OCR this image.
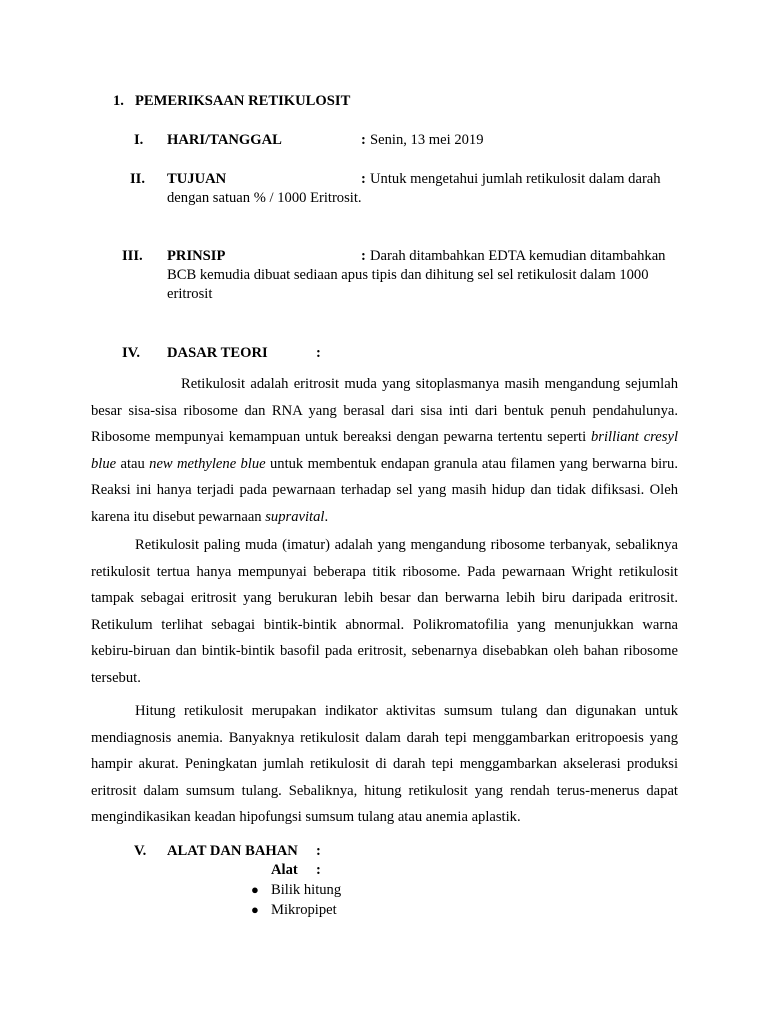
1. PEMERIKSAAN RETIKULOSIT
I. HARI/TANGGAL	: Senin, 13 mei 2019
II. TUJUAN	: Untuk mengetahui jumlah retikulosit dalam darah
dengan satuan % / 1000 Eritrosit.
III. PRINSIP	: Darah ditambahkan EDTA kemudian ditambahkan
BCB kemudia dibuat sediaan apus tipis dan dihitung sel sel retikulosit dalam 1000
eritrosit
IV. DASAR TEORI	:

Retikulosit adalah eritrosit muda yang sitoplasmanya masih mengandung sejumlah besar sisa-sisa ribosome dan RNA yang berasal dari sisa inti dari bentuk penuh pendahulunya. Ribosome mempunyai kemampuan untuk bereaksi dengan pewarna tertentu seperti brilliant cresyl blue atau new methylene blue untuk membentuk endapan granula atau filamen yang berwarna biru. Reaksi ini hanya terjadi pada pewarnaan terhadap sel yang masih hidup dan tidak difiksasi. Oleh karena itu disebut pewarnaan supravital.

Retikulosit paling muda (imatur) adalah yang mengandung ribosome terbanyak, sebaliknya retikulosit tertua hanya mempunyai beberapa titik ribosome. Pada pewarnaan Wright retikulosit tampak sebagai eritrosit yang berukuran lebih besar dan berwarna lebih biru daripada eritrosit. Retikulum terlihat sebagai bintik-bintik abnormal. Polikromatofilia yang menunjukkan warna kebiru-biruan dan bintik-bintik basofil pada eritrosit, sebenarnya disebabkan oleh bahan ribosome tersebut.

Hitung retikulosit merupakan indikator aktivitas sumsum tulang dan digunakan untuk mendiagnosis anemia. Banyaknya retikulosit dalam darah tepi menggambarkan eritropoesis yang hampir akurat. Peningkatan jumlah retikulosit di darah tepi menggambarkan akselerasi produksi eritrosit dalam sumsum tulang. Sebaliknya, hitung retikulosit yang rendah terus-menerus dapat mengindikasikan keadan hipofungsi sumsum tulang atau anemia aplastik.

V. ALAT DAN BAHAN :
Alat :
● Bilik hitung
● Mikropipet
